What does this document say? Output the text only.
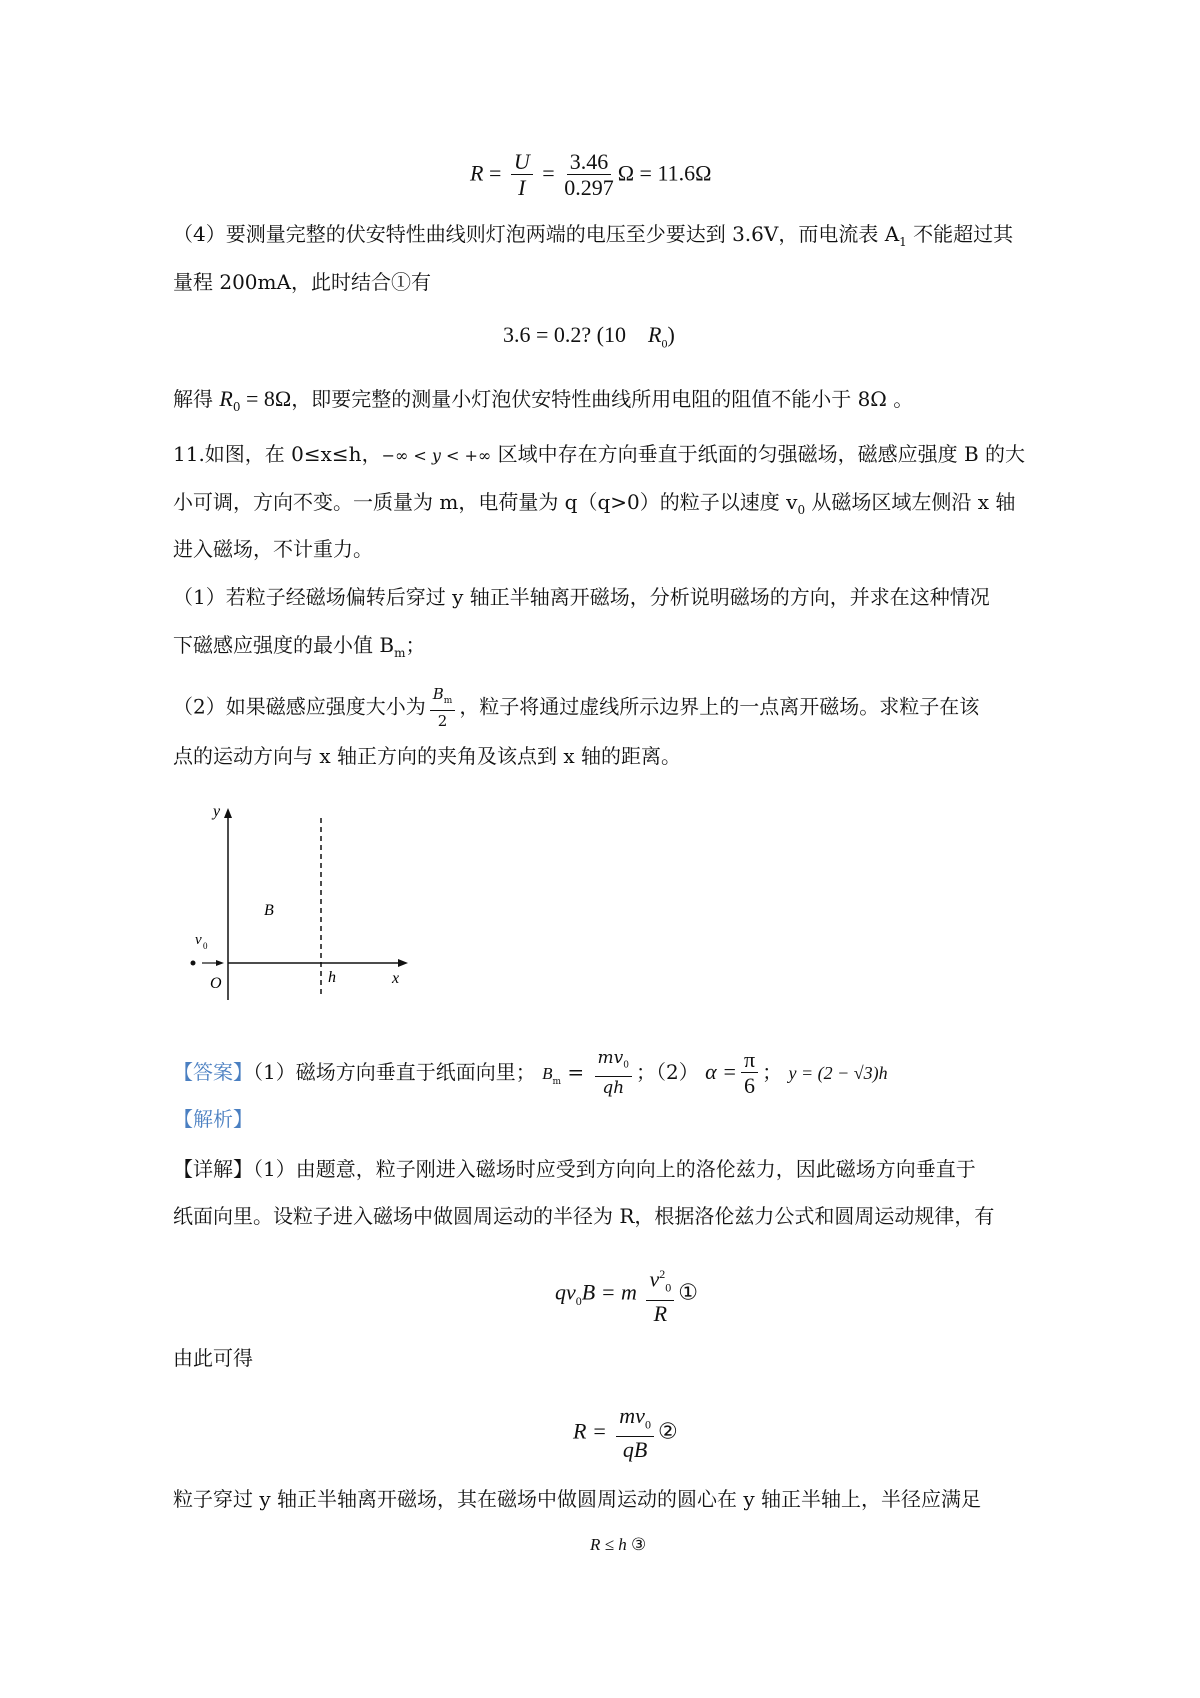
$R = \frac{U}{I} = \frac{3.46}{0.297}$ Ω = 11.6Ω
（4）要测量完整的伏安特性曲线则灯泡两端的电压至少要达到 3.6V，而电流表 $A_1$ 不能超过其
量程 200mA，此时结合①有
3.6 = 0.2? (10 $R_0$)
解得 $R_0 = 8\Omega$，即要完整的测量小灯泡伏安特性曲线所用电阻的阻值不能小于 8Ω 。
11.如图，在 0≤x≤h，−∞ < y < +∞ 区域中存在方向垂直于纸面的匀强磁场，磁感应强度 B 的大
小可调，方向不变。一质量为 m，电荷量为 q（q>0）的粒子以速度 $v_0$ 从磁场区域左侧沿 x 轴
进入磁场，不计重力。
（1）若粒子经磁场偏转后穿过 y 轴正半轴离开磁场，分析说明磁场的方向，并求在这种情况
下磁感应强度的最小值 $B_m$；
（2）如果磁感应强度大小为 $\frac{B_m}{2}$ ，粒子将通过虚线所示边界上的一点离开磁场。求粒子在该
点的运动方向与 x 轴正方向的夹角及该点到 x 轴的距离。
y
x
B
v 0
O	h
【答案】（1）磁场方向垂直于纸面向里； $B_m = \frac{mv_0}{qh}$ ；（2） $\alpha = \frac{\pi}{6}$ ； y = (2 − √3)h
【解析】
【详解】（1）由题意，粒子刚进入磁场时应受到方向向上的洛伦兹力，因此磁场方向垂直于
纸面向里。设粒子进入磁场中做圆周运动的半径为 R，根据洛伦兹力公式和圆周运动规律，有
$qv_0B = m \frac{v^2_0}{R}$ ①
由此可得
$R = \frac{mv_0}{qB}$ ②
粒子穿过 y 轴正半轴离开磁场，其在磁场中做圆周运动的圆心在 y 轴正半轴上，半径应满足
R ≤ h ③
